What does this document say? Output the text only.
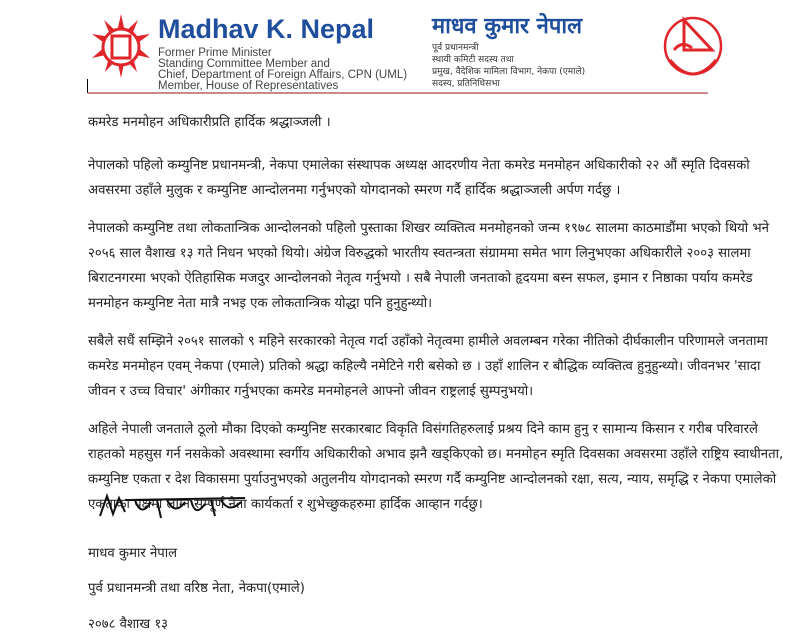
Madhav K. Nepal
Former Prime Minister
Standing Committee Member and
Chief, Department of Foreign Affairs, CPN (UML)
Member, House of Representatives
माधव कुमार नेपाल
पूर्व प्रधानमन्त्री
स्थायी कमिटी सदस्य तथा
प्रमुख, वैदेशिक मामिला विभाग, नेकपा (एमाले)
सदस्य, प्रतिनिधिसभा

कमरेड मनमोहन अधिकारीप्रति हार्दिक श्रद्धाञ्जली ।

नेपालको पहिलो कम्युनिष्ट प्रधानमन्त्री, नेकपा एमालेका संस्थापक अध्यक्ष आदरणीय नेता कमरेड मनमोहन अधिकारीको २२ औं स्मृति दिवसको अवसरमा उहाँले मुलुक र कम्युनिष्ट आन्दोलनमा गर्नुभएको योगदानको स्मरण गर्दै हार्दिक श्रद्धाञ्जली अर्पण गर्दछु ।

नेपालको कम्युनिष्ट तथा लोकतान्त्रिक आन्दोलनको पहिलो पुस्ताका शिखर व्यक्तित्व मनमोहनको जन्म १९७८ सालमा काठमाडौंमा भएको थियो भने २०५६ साल वैशाख १३ गते निधन भएको थियो। अंग्रेज विरुद्धको भारतीय स्वतन्त्रता संग्राममा समेत भाग लिनुभएका अधिकारीले २००३ सालमा बिराटनगरमा भएको ऐतिहासिक मजदुर आन्दोलनको नेतृत्व गर्नुभयो । सबै नेपाली जनताको हृदयमा बस्न सफल, इमान र निष्ठाका पर्याय कमरेड मनमोहन कम्युनिष्ट नेता मात्रै नभइ एक लोकतान्त्रिक योद्धा पनि हुनुहुन्थ्यो।

सबैले सधैं सम्झिने २०५१ सालको ९ महिने सरकारको नेतृत्व गर्दा उहाँको नेतृत्वमा हामीले अवलम्बन गरेका नीतिको दीर्घकालीन परिणामले जनतामा कमरेड मनमोहन एवम् नेकपा (एमाले) प्रतिको श्रद्धा कहिल्यै नमेटिने गरी बसेको छ । उहाँ शालिन र बौद्धिक व्यक्तित्व हुनुहुन्थ्यो। जीवनभर 'सादा जीवन र उच्च विचार' अंगीकार गर्नुभएका कमरेड मनमोहनले आफ्नो जीवन राष्ट्रलाई सुम्पनुभयो।

अहिले नेपाली जनताले ठूलो मौका दिएको कम्युनिष्ट सरकारबाट विकृति विसंगतिहरुलाई प्रश्रय दिने काम हुनु र सामान्य किसान र गरीब परिवारले राहतको महसुस गर्न नसकेको अवस्थामा स्वर्गीय अधिकारीको अभाव झनै खड्किएको छ। मनमोहन स्मृति दिवसका अवसरमा उहाँले राष्ट्रिय स्वाधीनता, कम्युनिष्ट एकता र देश विकासमा पुर्याउनुभएको अतुलनीय योगदानको स्मरण गर्दै कम्युनिष्ट आन्दोलनको रक्षा, सत्य, न्याय, समृद्धि र नेकपा एमालेको एकताका पक्षमा लाग्न सम्पूर्ण नेता कार्यकर्ता र शुभेच्छुकहरुमा हार्दिक आव्हान गर्दछु।

माधव कुमार नेपाल
पुर्व प्रधानमन्त्री तथा वरिष्ठ नेता, नेकपा(एमाले)
२०७८ वैशाख १३
